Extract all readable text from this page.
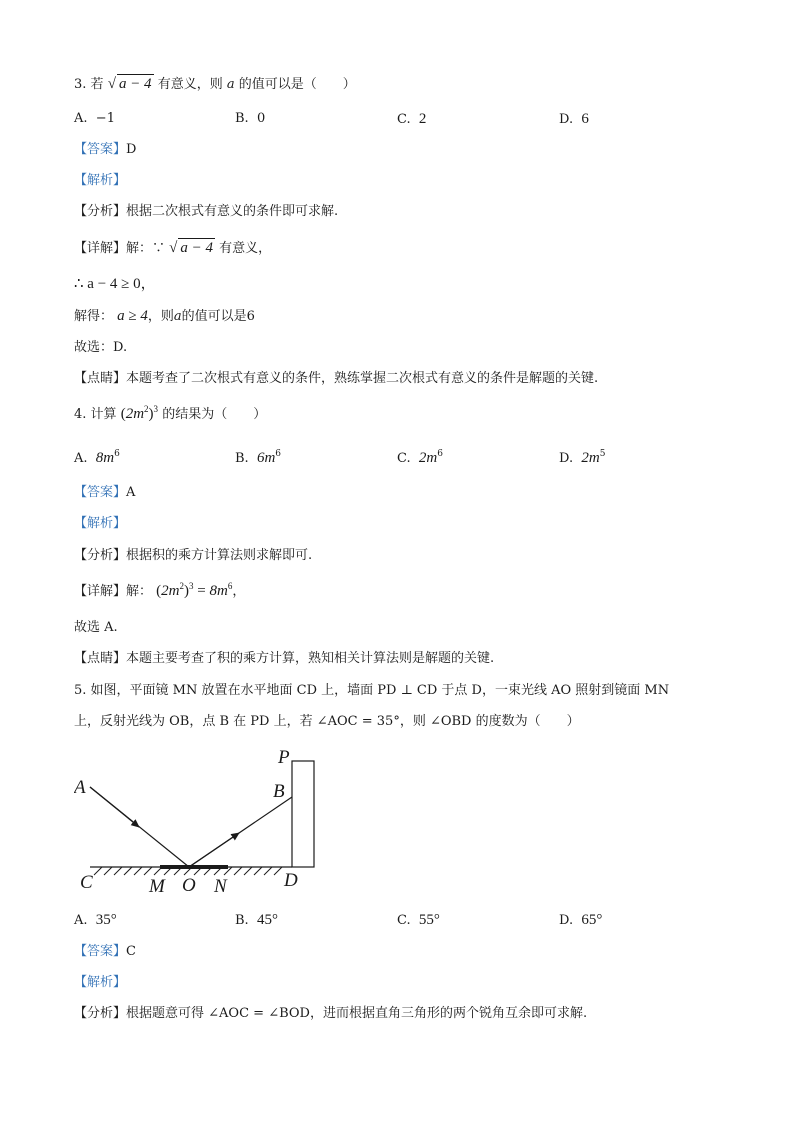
3. 若 √ a − 4 有意义，则 a 的值可以是（　　）
A. −1	B. 0	C. 2	D. 6
【答案】D
【解析】
【分析】根据二次根式有意义的条件即可求解.
【详解】解：∵ √ a − 4 有意义，
∴ a − 4 ≥ 0，
解得： a ≥ 4，则a的值可以是6
故选：D.
【点睛】本题考查了二次根式有意义的条件，熟练掌握二次根式有意义的条件是解题的关键.
4. 计算 $(2m^2)^3$ 的结果为（　　）
A. $8m^6$	B. $6m^6$	C. $2m^6$	D. $2m^5$
【答案】A
【解析】
【分析】根据积的乘方计算法则求解即可.
【详解】解： $(2m^2)^3 = 8m^6$，
故选 A.
【点睛】本题主要考查了积的乘方计算，熟知相关计算法则是解题的关键.
5. 如图，平面镜 MN 放置在水平地面 CD 上，墙面 PD ⊥ CD 于点 D，一束光线 AO 照射到镜面 MN
上，反射光线为 OB，点 B 在 PD 上，若 ∠AOC = 35°，则 ∠OBD 的度数为（　　）
A
P
B
C	M O N	D
A. 35°	B. 45°	C. 55°	D. 65°
【答案】C
【解析】
【分析】根据题意可得 ∠AOC = ∠BOD，进而根据直角三角形的两个锐角互余即可求解.
